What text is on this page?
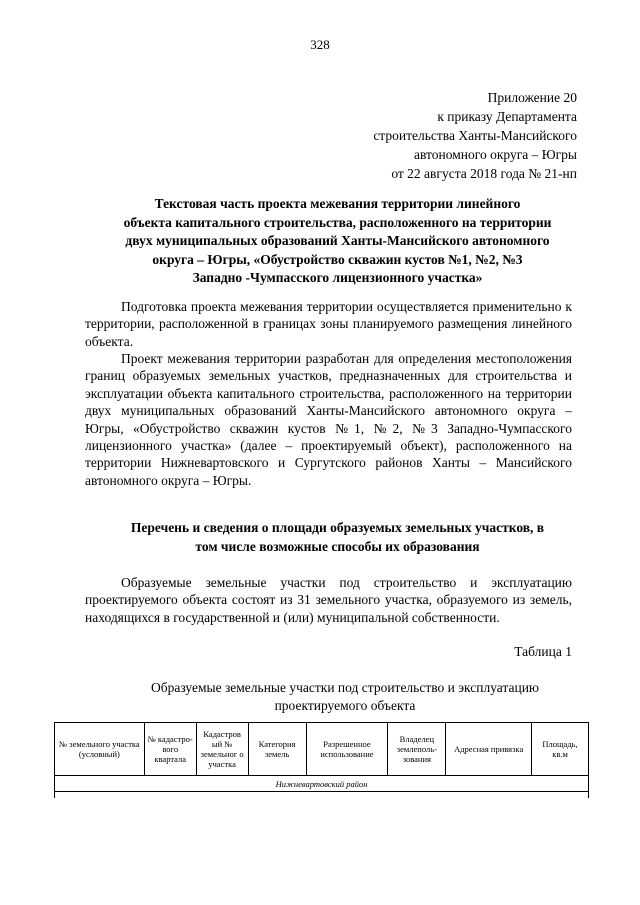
328
Приложение 20
к приказу Департамента
строительства Ханты-Мансийского
автономного округа – Югры
от 22 августа 2018 года № 21-нп
Текстовая часть проекта межевания территории линейного
объекта капитального строительства, расположенного на территории
двух муниципальных образований Ханты-Мансийского автономного
округа – Югры, «Обустройство скважин кустов №1, №2, №3
Западно -Чумпасского лицензионного участка»

Подготовка проекта межевания территории осуществляется применительно к территории, расположенной в границах зоны планируемого размещения линейного объекта.

Проект межевания территории разработан для определения местоположения границ образуемых земельных участков, предназначенных для строительства и эксплуатации объекта капитального строительства, расположенного на территории двух муниципальных образований Ханты-Мансийского автономного округа – Югры, «Обустройство скважин кустов №1, №2, №3 Западно-Чумпасского лицензионного участка» (далее – проектируемый объект), расположенного на территории Нижневартовского и Сургутского районов Ханты – Мансийского автономного округа – Югры.

Перечень и сведения о площади образуемых земельных участков, в
том числе возможные способы их образования

Образуемые земельные участки под строительство и эксплуатацию проектируемого объекта состоят из 31 земельного участка, образуемого из земель, находящихся в государственной и (или) муниципальной собственности.

Таблица 1
Образуемые земельные участки под строительство и эксплуатацию
проектируемого объекта
№ земельного участка (условный)	№ кадастро-вого квартала	Кадастров ый № земельног о участка	Категория земель	Разрешенное использование	Владелец землеполь-зования	Адресная привязка	Площадь, кв.м
Нижневартовский район
